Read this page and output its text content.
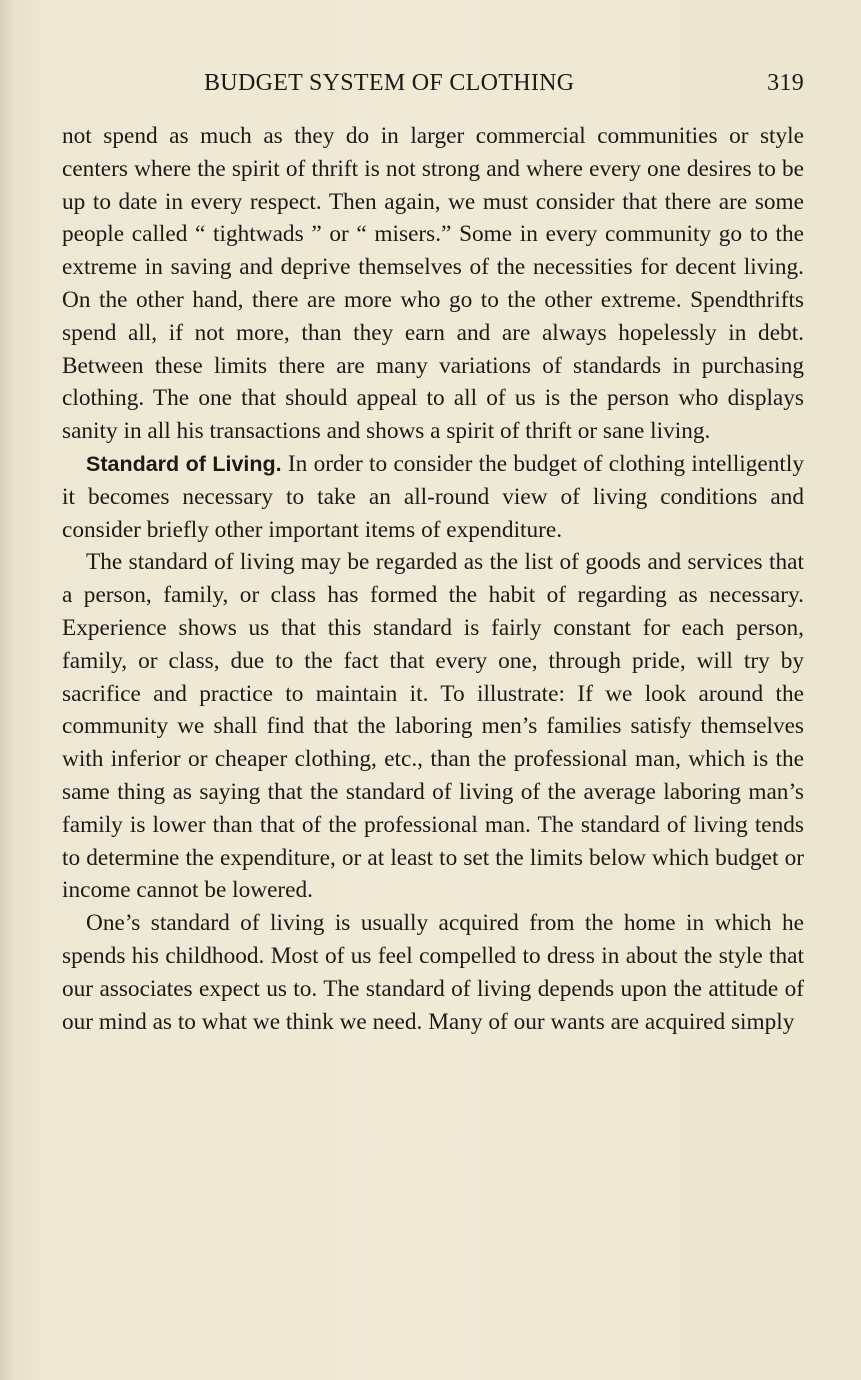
BUDGET SYSTEM OF CLOTHING	319

not spend as much as they do in larger commercial communities or style centers where the spirit of thrift is not strong and where every one desires to be up to date in every respect. Then again, we must consider that there are some people called “ tightwads ” or “ misers.” Some in every community go to the extreme in saving and deprive themselves of the necessities for decent living. On the other hand, there are more who go to the other extreme. Spendthrifts spend all, if not more, than they earn and are always hopelessly in debt. Between these limits there are many variations of standards in purchasing clothing. The one that should appeal to all of us is the person who displays sanity in all his transactions and shows a spirit of thrift or sane living.

Standard of Living. In order to consider the budget of clothing intelligently it becomes necessary to take an all-round view of living conditions and consider briefly other important items of expenditure.

The standard of living may be regarded as the list of goods and services that a person, family, or class has formed the habit of regarding as necessary. Experience shows us that this standard is fairly constant for each person, family, or class, due to the fact that every one, through pride, will try by sacrifice and practice to maintain it. To illustrate: If we look around the community we shall find that the laboring men’s families satisfy themselves with inferior or cheaper clothing, etc., than the professional man, which is the same thing as saying that the standard of living of the average laboring man’s family is lower than that of the professional man. The standard of living tends to determine the expenditure, or at least to set the limits below which budget or income cannot be lowered.

One’s standard of living is usually acquired from the home in which he spends his childhood. Most of us feel compelled to dress in about the style that our associates expect us to. The standard of living depends upon the attitude of our mind as to what we think we need. Many of our wants are acquired simply
